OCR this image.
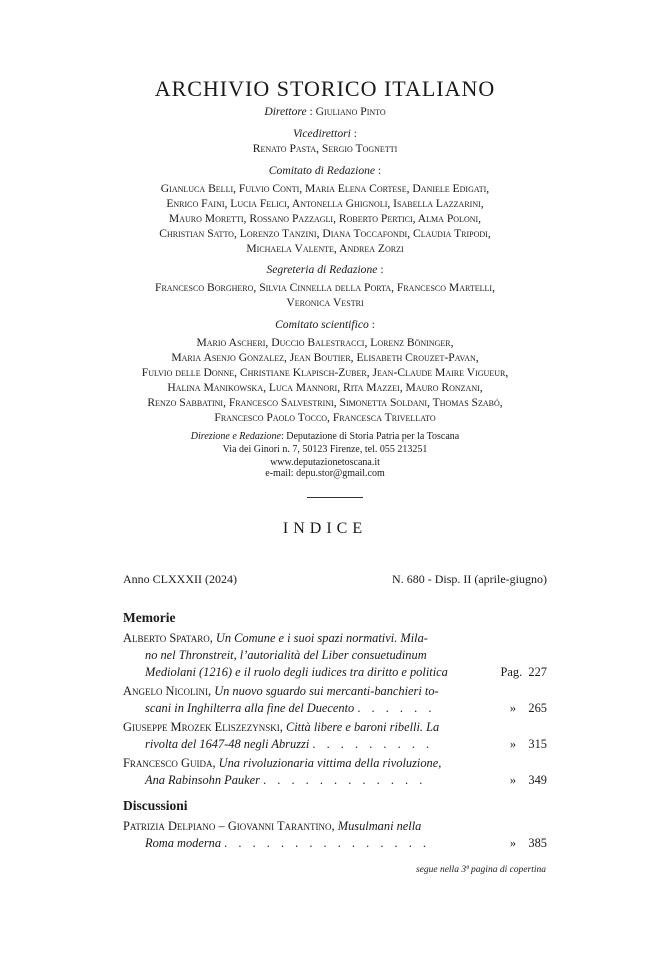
ARCHIVIO STORICO ITALIANO
Direttore : Giuliano Pinto
Vicedirettori :
Renato Pasta, Sergio Tognetti
Comitato di Redazione :
Gianluca Belli, Fulvio Conti, Maria Elena Cortese, Daniele Edigati,
Enrico Faini, Lucia Felici, Antonella Ghignoli, Isabella Lazzarini,
Mauro Moretti, Rossano Pazzagli, Roberto Pertici, Alma Poloni,
Christian Satto, Lorenzo Tanzini, Diana Toccafondi, Claudia Tripodi,
Michaela Valente, Andrea Zorzi
Segreteria di Redazione :
Francesco Borghero, Silvia Cinnella della Porta, Francesco Martelli,
Veronica Vestri
Comitato scientifico :
Mario Ascheri, Duccio Balestracci, Lorenz Böninger,
Maria Asenjo Gonzalez, Jean Boutier, Elisabeth Crouzet-Pavan,
Fulvio delle Donne, Christiane Klapisch-Zuber, Jean-Claude Maire Vigueur,
Halina Manikowska, Luca Mannori, Rita Mazzei, Mauro Ronzani,
Renzo Sabbatini, Francesco Salvestrini, Simonetta Soldani, Thomas Szabó,
Francesco Paolo Tocco, Francesca Trivellato
Direzione e Redazione: Deputazione di Storia Patria per la Toscana
Via dei Ginori n. 7, 50123 Firenze, tel. 055 213251
www.deputazionetoscana.it
e-mail: depu.stor@gmail.com
INDICE
Anno CLXXXII (2024)	N. 680 - Disp. II (aprile-giugno)
Memorie
Alberto Spataro, Un Comune e i suoi spazi normativi. Mila-
no nel Thronstreit, l’autorialità del Liber consuetudinum
Mediolani (1216) e il ruolo degli iudices tra diritto e politica	Pag. 227
Angelo Nicolini, Un nuovo sguardo sui mercanti-banchieri to-
scani in Inghilterra alla fine del Duecento . . . . . .	» 265
Giuseppe Mrozek Eliszezynski, Città libere e baroni ribelli. La
rivolta del 1647-48 negli Abruzzi . . . . . . . . .	» 315
Francesco Guida, Una rivoluzionaria vittima della rivoluzione,
Ana Rabinsohn Pauker . . . . . . . . . . . .	» 349
Discussioni
Patrizia Delpiano – Giovanni Tarantino, Musulmani nella
Roma moderna . . . . . . . . . . . . . . .	» 385
segue nella 3ª pagina di copertina
